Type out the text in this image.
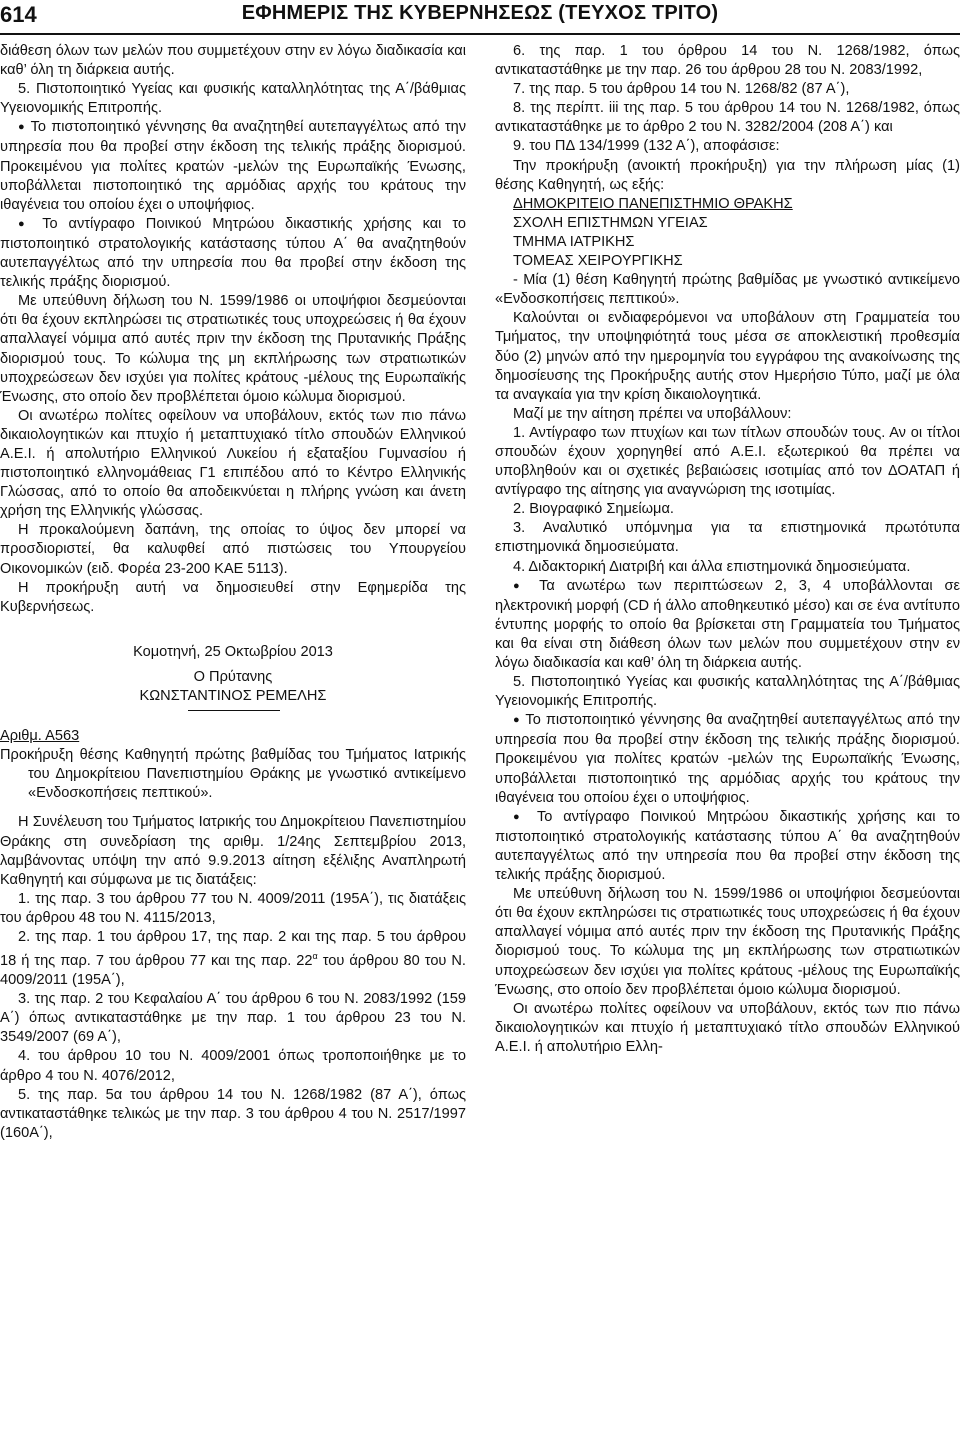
614	ΕΦΗΜΕΡΙΣ ΤΗΣ ΚΥΒΕΡΝΗΣΕΩΣ (ΤΕΥΧΟΣ ΤΡΙΤΟ)

διάθεση όλων των μελών που συμμετέχουν στην εν λόγω διαδικασία και καθ’ όλη τη διάρκεια αυτής.

5. Πιστοποιητικό Υγείας και φυσικής καταλληλότητας της Α΄/βάθμιας Υγειονομικής Επιτροπής.

● Το πιστοποιητικό γέννησης θα αναζητηθεί αυτεπαγγέλτως από την υπηρεσία που θα προβεί στην έκδοση της τελικής πράξης διορισμού. Προκειμένου για πολίτες κρατών -μελών της Ευρωπαϊκής Ένωσης, υποβάλλεται πιστοποιητικό της αρμόδιας αρχής του κράτους την ιθαγένεια του οποίου έχει ο υποψήφιος.

● Το αντίγραφο Ποινικού Μητρώου δικαστικής χρήσης και το πιστοποιητικό στρατολογικής κατάστασης τύπου Α΄ θα αναζητηθούν αυτεπαγγέλτως από την υπηρεσία που θα προβεί στην έκδοση της τελικής πράξης διορισμού.

Με υπεύθυνη δήλωση του Ν. 1599/1986 οι υποψήφιοι δεσμεύονται ότι θα έχουν εκπληρώσει τις στρατιωτικές τους υποχρεώσεις ή θα έχουν απαλλαγεί νόμιμα από αυτές πριν την έκδοση της Πρυτανικής Πράξης διορισμού τους. Το κώλυμα της μη εκπλήρωσης των στρατιωτικών υποχρεώσεων δεν ισχύει για πολίτες κράτους -μέλους της Ευρωπαϊκής Ένωσης, στο οποίο δεν προβλέπεται όμοιο κώλυμα διορισμού.

Οι ανωτέρω πολίτες οφείλουν να υποβάλουν, εκτός των πιο πάνω δικαιολογητικών και πτυχίο ή μεταπτυχιακό τίτλο σπουδών Ελληνικού Α.Ε.Ι. ή απολυτήριο Ελληνικού Λυκείου ή εξαταξίου Γυμνασίου ή πιστοποιητικό ελληνομάθειας Γ1 επιπέδου από το Κέντρο Ελληνικής Γλώσσας, από το οποίο θα αποδεικνύεται η πλήρης γνώση και άνετη χρήση της Ελληνικής γλώσσας.

Η προκαλούμενη δαπάνη, της οποίας το ύψος δεν μπορεί να προσδιοριστεί, θα καλυφθεί από πιστώσεις του Υπουργείου Οικονομικών (ειδ. Φορέα 23-200 ΚΑΕ 5113).

Η προκήρυξη αυτή να δημοσιευθεί στην Εφημερίδα της Κυβερνήσεως.

Κομοτηνή, 25 Οκτωβρίου 2013

Ο Πρύτανης

ΚΩΝΣΤΑΝΤΙΝΟΣ ΡΕΜΕΛΗΣ

Αριθμ. Α563

Προκήρυξη θέσης Καθηγητή πρώτης βαθμίδας του Τμήματος Ιατρικής του Δημοκρίτειου Πανεπιστημίου Θράκης με γνωστικό αντικείμενο «Ενδοσκοπήσεις πεπτικού».

Η Συνέλευση του Τμήματος Ιατρικής του Δημοκρίτειου Πανεπιστημίου Θράκης στη συνεδρίαση της αριθμ. 1/24ης Σεπτεμβρίου 2013, λαμβάνοντας υπόψη την από 9.9.2013 αίτηση εξέλιξης Αναπληρωτή Καθηγητή και σύμφωνα με τις διατάξεις:

1. της παρ. 3 του άρθρου 77 του Ν. 4009/2011 (195Α΄), τις διατάξεις του άρθρου 48 του Ν. 4115/2013,

2. της παρ. 1 του άρθρου 17, της παρ. 2 και της παρ. 5 του άρθρου 18 ή της παρ. 7 του άρθρου 77 και της παρ. $22^\alpha$ του άρθρου 80 του Ν. 4009/2011 (195Α΄),

3. της παρ. 2 του Κεφαλαίου Α΄ του άρθρου 6 του Ν. 2083/1992 (159 Α΄) όπως αντικαταστάθηκε με την παρ. 1 του άρθρου 23 του Ν. 3549/2007 (69 Α΄),

4. του άρθρου 10 του Ν. 4009/2001 όπως τροποποιήθηκε με το άρθρο 4 του Ν. 4076/2012,

5. της παρ. 5α του άρθρου 14 του Ν. 1268/1982 (87 Α΄), όπως αντικαταστάθηκε τελικώς με την παρ. 3 του άρθρου 4 του Ν. 2517/1997 (160Α΄),

6. της παρ. 1 του όρθρου 14 του Ν. 1268/1982, όπως αντικαταστάθηκε με την παρ. 26 του άρθρου 28 του Ν. 2083/1992,

7. της παρ. 5 του άρθρου 14 του Ν. 1268/82 (87 Α΄),

8. της περίπτ. iii της παρ. 5 του άρθρου 14 του Ν. 1268/1982, όπως αντικαταστάθηκε με το άρθρο 2 του Ν. 3282/2004 (208 Α΄) και

9. του ΠΔ 134/1999 (132 Α΄), αποφάσισε:

Την προκήρυξη (ανοικτή προκήρυξη) για την πλήρωση μίας (1) θέσης Καθηγητή, ως εξής:

ΔΗΜΟΚΡΙΤΕΙΟ ΠΑΝΕΠΙΣΤΗΜΙΟ ΘΡΑΚΗΣ

ΣΧΟΛΗ ΕΠΙΣΤΗΜΩΝ ΥΓΕΙΑΣ

ΤΜΗΜΑ ΙΑΤΡΙΚΗΣ

ΤΟΜΕΑΣ ΧΕΙΡΟΥΡΓΙΚΗΣ

- Μία (1) θέση Καθηγητή πρώτης βαθμίδας με γνωστικό αντικείμενο «Ενδοσκοπήσεις πεπτικού».

Καλούνται οι ενδιαφερόμενοι να υποβάλουν στη Γραμματεία του Τμήματος, την υποψηφιότητά τους μέσα σε αποκλειστική προθεσμία δύο (2) μηνών από την ημερομηνία του εγγράφου της ανακοίνωσης της δημοσίευσης της Προκήρυξης αυτής στον Ημερήσιο Τύπο, μαζί με όλα τα αναγκαία για την κρίση δικαιολογητικά.

Μαζί με την αίτηση πρέπει να υποβάλλουν:

1. Αντίγραφο των πτυχίων και των τίτλων σπουδών τους. Αν οι τίτλοι σπουδών έχουν χορηγηθεί από Α.Ε.Ι. εξωτερικού θα πρέπει να υποβληθούν και οι σχετικές βεβαιώσεις ισοτιμίας από τον ΔΟΑΤΑΠ ή αντίγραφο της αίτησης για αναγνώριση της ισοτιμίας.

2. Βιογραφικό Σημείωμα.

3. Αναλυτικό υπόμνημα για τα επιστημονικά πρωτότυπα επιστημονικά δημοσιεύματα.

4. Διδακτορική Διατριβή και άλλα επιστημονικά δημοσιεύματα.

● Τα ανωτέρω των περιπτώσεων 2, 3, 4 υποβάλλονται σε ηλεκτρονική μορφή (CD ή άλλο αποθηκευτικό μέσο) και σε ένα αντίτυπο έντυπης μορφής το οποίο θα βρίσκεται στη Γραμματεία του Τμήματος και θα είναι στη διάθεση όλων των μελών που συμμετέχουν στην εν λόγω διαδικασία και καθ’ όλη τη διάρκεια αυτής.

5. Πιστοποιητικό Υγείας και φυσικής καταλληλότητας της Α΄/βάθμιας Υγειονομικής Επιτροπής.

● Το πιστοποιητικό γέννησης θα αναζητηθεί αυτεπαγγέλτως από την υπηρεσία που θα προβεί στην έκδοση της τελικής πράξης διορισμού. Προκειμένου για πολίτες κρατών -μελών της Ευρωπαϊκής Ένωσης, υποβάλλεται πιστοποιητικό της αρμόδιας αρχής του κράτους την ιθαγένεια του οποίου έχει ο υποψήφιος.

● Το αντίγραφο Ποινικού Μητρώου δικαστικής χρήσης και το πιστοποιητικό στρατολογικής κατάστασης τύπου Α΄ θα αναζητηθούν αυτεπαγγέλτως από την υπηρεσία που θα προβεί στην έκδοση της τελικής πράξης διορισμού.

Με υπεύθυνη δήλωση του Ν. 1599/1986 οι υποψήφιοι δεσμεύονται ότι θα έχουν εκπληρώσει τις στρατιωτικές τους υποχρεώσεις ή θα έχουν απαλλαγεί νόμιμα από αυτές πριν την έκδοση της Πρυτανικής Πράξης διορισμού τους. Το κώλυμα της μη εκπλήρωσης των στρατιωτικών υποχρεώσεων δεν ισχύει για πολίτες κράτους -μέλους της Ευρωπαϊκής Ένωσης, στο οποίο δεν προβλέπεται όμοιο κώλυμα διορισμού.

Οι ανωτέρω πολίτες οφείλουν να υποβάλουν, εκτός των πιο πάνω δικαιολογητικών και πτυχίο ή μεταπτυχιακό τίτλο σπουδών Ελληνικού Α.Ε.Ι. ή απολυτήριο Ελλη-
